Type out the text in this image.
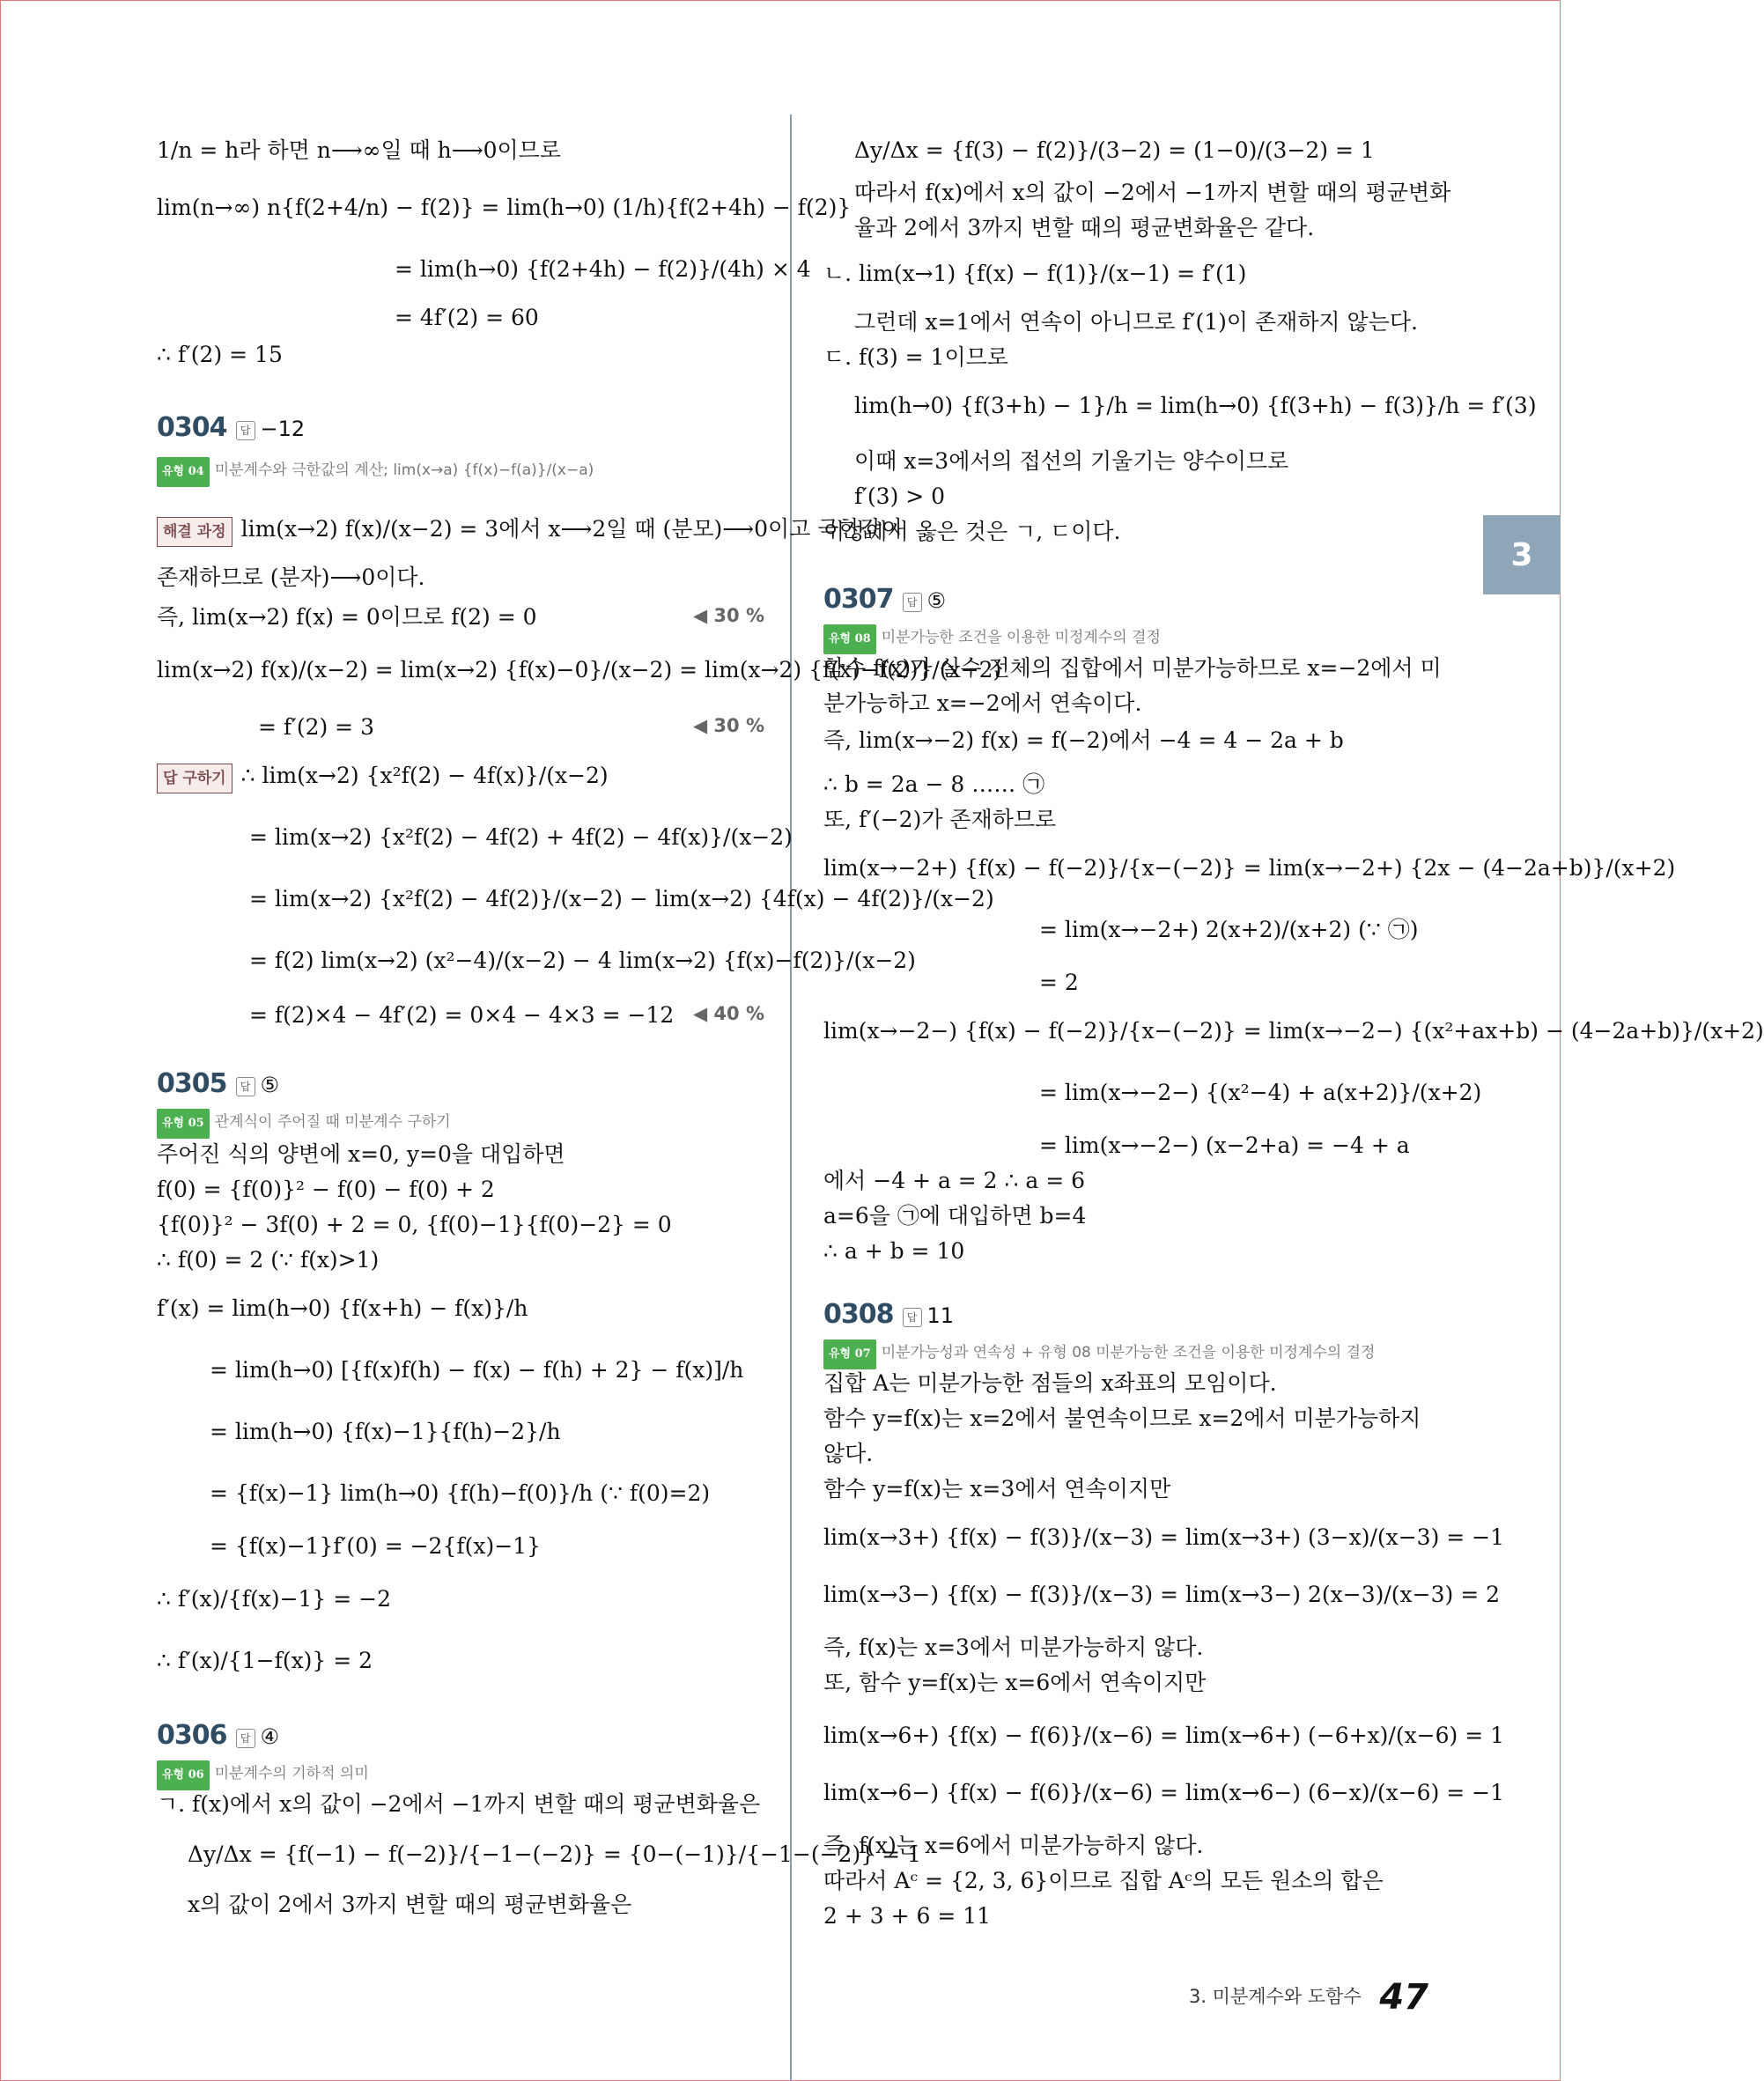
1/n = h라 하면 n⟶∞일 때 h⟶0이므로
lim(n→∞) n{f(2+4/n) − f(2)} = lim(h→0) (1/h){f(2+4h) − f(2)}
= lim(h→0) {f(2+4h) − f(2)}/(4h) × 4
= 4f′(2) = 60
∴ f′(2) = 15
0304 답 −12
유형 04 미분계수와 극한값의 계산; lim(x→a) {f(x)−f(a)}/(x−a)
해결 과정 lim(x→2) f(x)/(x−2) = 3에서 x⟶2일 때 (분모)⟶0이고 극한값이
존재하므로 (분자)⟶0이다.
즉, lim(x→2) f(x) = 0이므로 f(2) = 0	◀ 30 %
lim(x→2) f(x)/(x−2) = lim(x→2) {f(x)−0}/(x−2) = lim(x→2) {f(x)−f(2)}/(x−2)
= f′(2) = 3	◀ 30 %
답 구하기 ∴ lim(x→2) {x²f(2) − 4f(x)}/(x−2)
= lim(x→2) {x²f(2) − 4f(2) + 4f(2) − 4f(x)}/(x−2)
= lim(x→2) {x²f(2) − 4f(2)}/(x−2) − lim(x→2) {4f(x) − 4f(2)}/(x−2)
= f(2) lim(x→2) (x²−4)/(x−2) − 4 lim(x→2) {f(x)−f(2)}/(x−2)
= f(2)×4 − 4f′(2) = 0×4 − 4×3 = −12 ◀ 40 %
0305 답 ⑤
유형 05 관계식이 주어질 때 미분계수 구하기
주어진 식의 양변에 x=0, y=0을 대입하면
f(0) = {f(0)}² − f(0) − f(0) + 2
{f(0)}² − 3f(0) + 2 = 0, {f(0)−1}{f(0)−2} = 0
∴ f(0) = 2 (∵ f(x)>1)
f′(x) = lim(h→0) {f(x+h) − f(x)}/h
= lim(h→0) [{f(x)f(h) − f(x) − f(h) + 2} − f(x)]/h
= lim(h→0) {f(x)−1}{f(h)−2}/h
= {f(x)−1} lim(h→0) {f(h)−f(0)}/h (∵ f(0)=2)
= {f(x)−1}f′(0) = −2{f(x)−1}
∴ f′(x)/{f(x)−1} = −2
∴ f′(x)/{1−f(x)} = 2
0306 답 ④
유형 06 미분계수의 기하적 의미
ㄱ. f(x)에서 x의 값이 −2에서 −1까지 변할 때의 평균변화율은
Δy/Δx = {f(−1) − f(−2)}/{−1−(−2)} = {0−(−1)}/{−1−(−2)} = 1
x의 값이 2에서 3까지 변할 때의 평균변화율은
Δy/Δx = {f(3) − f(2)}/(3−2) = (1−0)/(3−2) = 1
따라서 f(x)에서 x의 값이 −2에서 −1까지 변할 때의 평균변화
율과 2에서 3까지 변할 때의 평균변화율은 같다.
ㄴ. lim(x→1) {f(x) − f(1)}/(x−1) = f′(1)
그런데 x=1에서 연속이 아니므로 f′(1)이 존재하지 않는다.
ㄷ. f(3) = 1이므로
lim(h→0) {f(3+h) − 1}/h = lim(h→0) {f(3+h) − f(3)}/h = f′(3)
이때 x=3에서의 접선의 기울기는 양수이므로
f′(3) > 0
이상에서 옳은 것은 ㄱ, ㄷ이다.
0307 답 ⑤
유형 08 미분가능한 조건을 이용한 미정계수의 결정
함수 f(x)가 실수 전체의 집합에서 미분가능하므로 x=−2에서 미
분가능하고 x=−2에서 연속이다.
즉, lim(x→−2) f(x) = f(−2)에서 −4 = 4 − 2a + b
∴ b = 2a − 8 …… ㉠
또, f′(−2)가 존재하므로
lim(x→−2+) {f(x) − f(−2)}/{x−(−2)} = lim(x→−2+) {2x − (4−2a+b)}/(x+2)
= lim(x→−2+) 2(x+2)/(x+2) (∵ ㉠)
= 2
lim(x→−2−) {f(x) − f(−2)}/{x−(−2)} = lim(x→−2−) {(x²+ax+b) − (4−2a+b)}/(x+2)
= lim(x→−2−) {(x²−4) + a(x+2)}/(x+2)
= lim(x→−2−) (x−2+a) = −4 + a
에서 −4 + a = 2 ∴ a = 6
a=6을 ㉠에 대입하면 b=4
∴ a + b = 10
0308 답 11
유형 07 미분가능성과 연속성 + 유형 08 미분가능한 조건을 이용한 미정계수의 결정
집합 A는 미분가능한 점들의 x좌표의 모임이다.
함수 y=f(x)는 x=2에서 불연속이므로 x=2에서 미분가능하지
않다.
함수 y=f(x)는 x=3에서 연속이지만
lim(x→3+) {f(x) − f(3)}/(x−3) = lim(x→3+) (3−x)/(x−3) = −1
lim(x→3−) {f(x) − f(3)}/(x−3) = lim(x→3−) 2(x−3)/(x−3) = 2
즉, f(x)는 x=3에서 미분가능하지 않다.
또, 함수 y=f(x)는 x=6에서 연속이지만
lim(x→6+) {f(x) − f(6)}/(x−6) = lim(x→6+) (−6+x)/(x−6) = 1
lim(x→6−) {f(x) − f(6)}/(x−6) = lim(x→6−) (6−x)/(x−6) = −1
즉, f(x)는 x=6에서 미분가능하지 않다.
따라서 Aᶜ = {2, 3, 6}이므로 집합 Aᶜ의 모든 원소의 합은
2 + 3 + 6 = 11
3
3. 미분계수와 도함수 47
